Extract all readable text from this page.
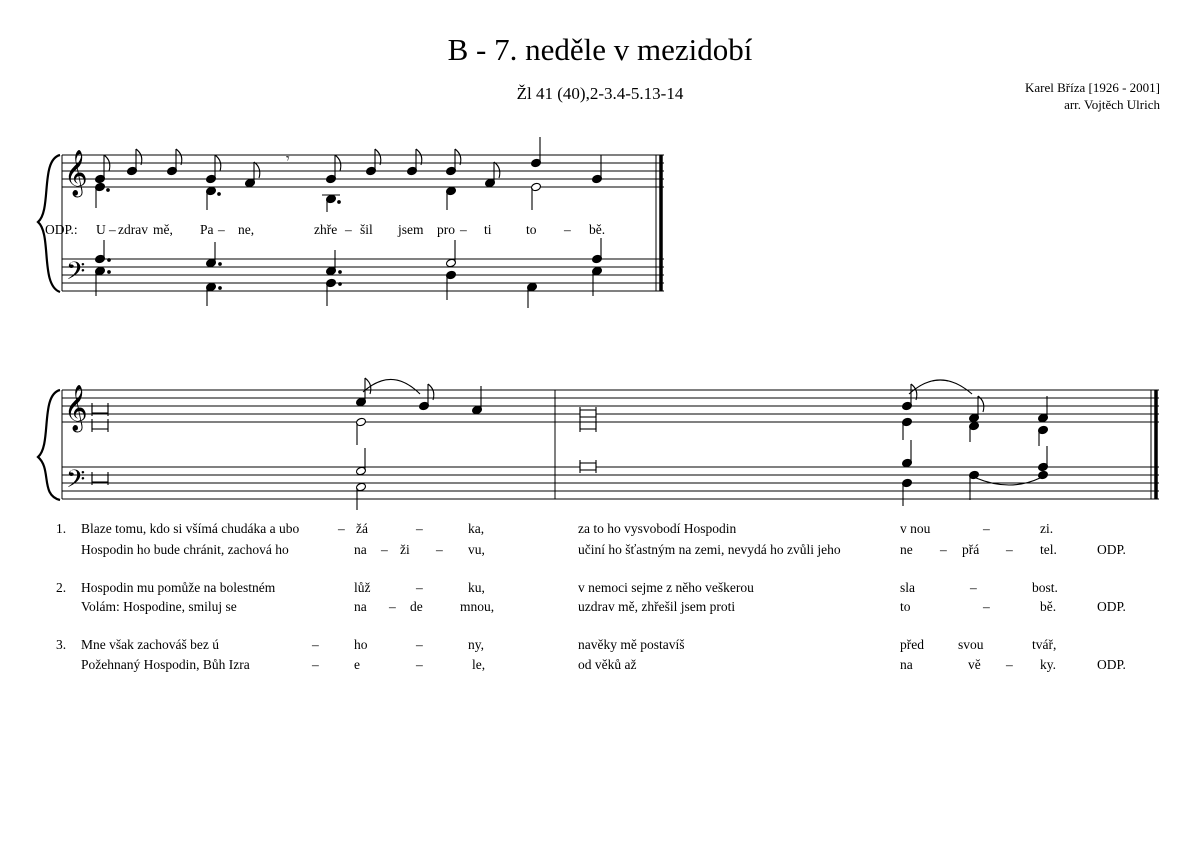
B - 7. neděle v mezidobí
Žl 41 (40),2-3.4-5.13-14	Karel Bříza [1926 - 2001]
arr. Vojtěch Ulrich
𝄞
𝄢
𝄾
ODP.: U – zdrav mě, Pa – ne,	zhře – šil jsem pro – ti	to – bě.
𝄞
𝄢
1. Blaze tomu, kdo si všímá chudáka a ubo	– žá	–	ka,	za to ho vysvobodí Hospodin	v nou	–	zi.
Hospodin ho bude chránit, zachová ho	na – ži – vu,	učiní ho šťastným na zemi, nevydá ho zvůli jeho	ne – přá – tel.	ODP.
2. Hospodin mu pomůže na bolestném	lůž	–	ku,	v nemoci sejme z něho veškerou	sla	–	bost.
Volám: Hospodine, smiluj se	na – de	mnou,	uzdrav mě, zhřešil jsem proti	to	–	bě.	ODP.
3. Mne však zachováš bez ú	–	ho	–	ny,	navěky mě postavíš	před	svou	tvář,
Požehnaný Hospodin, Bůh Izra	–	e	–	le,	od věků až	na	vě – ky.	ODP.
